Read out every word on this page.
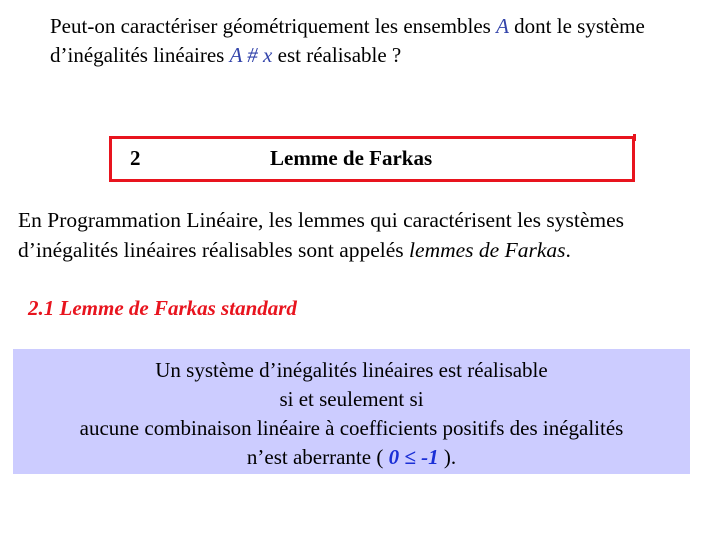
Peut-on caractériser géométriquement les ensembles A dont le système d’inégalités linéaires A # x est réalisable ?
2	Lemme de Farkas
En Programmation Linéaire, les lemmes qui caractérisent les systèmes d’inégalités linéaires réalisables sont appelés lemmes de Farkas.
2.1 Lemme de Farkas standard
Un système d’inégalités linéaires est réalisable
si et seulement si
aucune combinaison linéaire à coefficients positifs des inégalités
n’est aberrante ( 0 ≤ -1 ).
